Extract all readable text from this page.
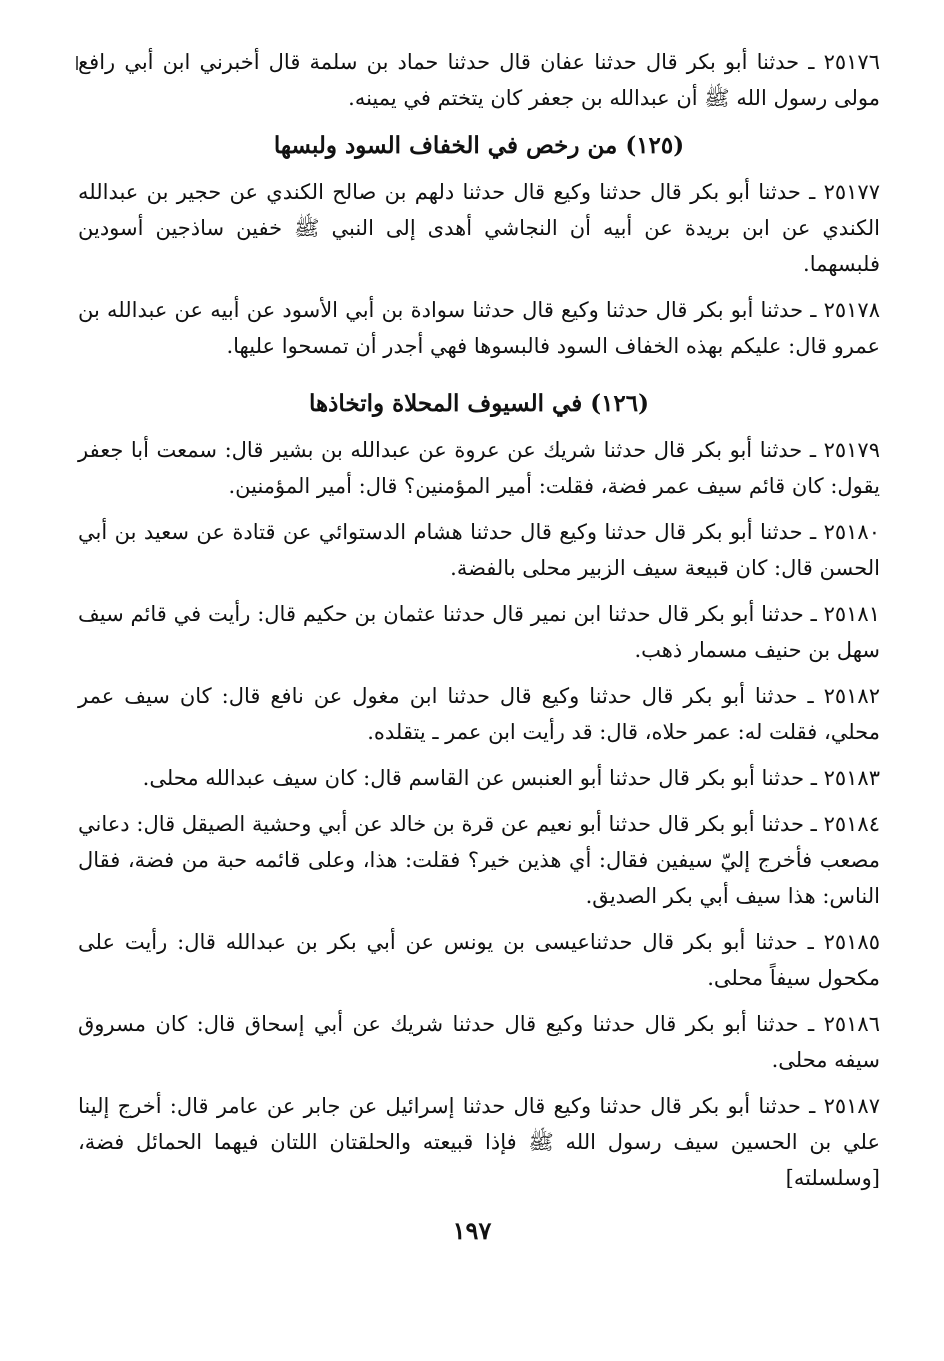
٢٥١٧٦ ـ حدثنا أبو بكر قال حدثنا عفان قال حدثنا حماد بن سلمة قال أخبرني ابن أبي رافع مولى رسول الله ﷺ أن عبدالله بن جعفر كان يتختم في يمينه.

(١٢٥) من رخص في الخفاف السود ولبسها

٢٥١٧٧ ـ حدثنا أبو بكر قال حدثنا وكيع قال حدثنا دلهم بن صالح الكندي عن حجير بن عبدالله الكندي عن ابن بريدة عن أبيه أن النجاشي أهدى إلى النبي ﷺ خفين ساذجين أسودين فلبسهما.

٢٥١٧٨ ـ حدثنا أبو بكر قال حدثنا وكيع قال حدثنا سوادة بن أبي الأسود عن أبيه عن عبدالله بن عمرو قال: عليكم بهذه الخفاف السود فالبسوها فهي أجدر أن تمسحوا عليها.

(١٢٦) في السيوف المحلاة واتخاذها

٢٥١٧٩ ـ حدثنا أبو بكر قال حدثنا شريك عن عروة عن عبدالله بن بشير قال: سمعت أبا جعفر يقول: كان قائم سيف عمر فضة، فقلت: أمير المؤمنين؟ قال: أمير المؤمنين.

٢٥١٨٠ ـ حدثنا أبو بكر قال حدثنا وكيع قال حدثنا هشام الدستوائي عن قتادة عن سعيد بن أبي الحسن قال: كان قبيعة سيف الزبير محلى بالفضة.

٢٥١٨١ ـ حدثنا أبو بكر قال حدثنا ابن نمير قال حدثنا عثمان بن حكيم قال: رأيت في قائم سيف سهل بن حنيف مسمار ذهب.

٢٥١٨٢ ـ حدثنا أبو بكر قال حدثنا وكيع قال حدثنا ابن مغول عن نافع قال: كان سيف عمر محلي، فقلت له: عمر حلاه، قال: قد رأيت ابن عمر ـ يتقلده.

٢٥١٨٣ ـ حدثنا أبو بكر قال حدثنا أبو العنبس عن القاسم قال: كان سيف عبدالله محلى.

٢٥١٨٤ ـ حدثنا أبو بكر قال حدثنا أبو نعيم عن قرة بن خالد عن أبي وحشية الصيقل قال: دعاني مصعب فأخرج إليّ سيفين فقال: أي هذين خير؟ فقلت: هذا، وعلى قائمه حبة من فضة، فقال الناس: هذا سيف أبي بكر الصديق.

٢٥١٨٥ ـ حدثنا أبو بكر قال حدثناعيسى بن يونس عن أبي بكر بن عبدالله قال: رأيت على مكحول سيفاً محلى.

٢٥١٨٦ ـ حدثنا أبو بكر قال حدثنا وكيع قال حدثنا شريك عن أبي إسحاق قال: كان مسروق سيفه محلى.

٢٥١٨٧ ـ حدثنا أبو بكر قال حدثنا وكيع قال حدثنا إسرائيل عن جابر عن عامر قال: أخرج إلينا علي بن الحسين سيف رسول الله ﷺ فإذا قبيعته والحلقتان اللتان فيهما الحمائل فضة، [وسلسلته]

١٩٧
